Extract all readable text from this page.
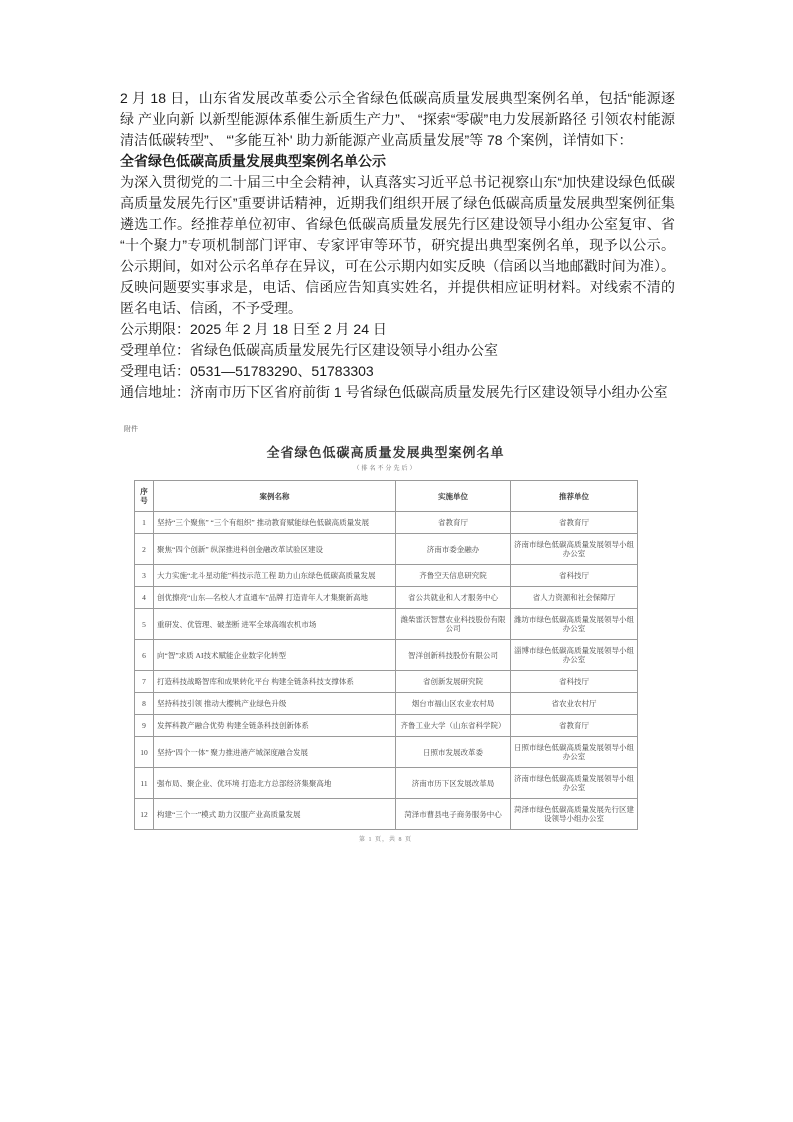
2 月 18 日，山东省发展改革委公示全省绿色低碳高质量发展典型案例名单，包括“能源逐绿 产业向新 以新型能源体系催生新质生产力”、 “探索“零碳”电力发展新路径 引领农村能源清洁低碳转型”、 “'多能互补' 助力新能源产业高质量发展”等 78 个案例，详情如下：

全省绿色低碳高质量发展典型案例名单公示

为深入贯彻党的二十届三中全会精神，认真落实习近平总书记视察山东“加快建设绿色低碳高质量发展先行区”重要讲话精神，近期我们组织开展了绿色低碳高质量发展典型案例征集遴选工作。经推荐单位初审、省绿色低碳高质量发展先行区建设领导小组办公室复审、省“十个聚力”专项机制部门评审、专家评审等环节，研究提出典型案例名单，现予以公示。公示期间，如对公示名单存在异议，可在公示期内如实反映（信函以当地邮戳时间为准）。反映问题要实事求是，电话、信函应告知真实姓名，并提供相应证明材料。对线索不清的匿名电话、信函，不予受理。

公示期限：2025 年 2 月 18 日至 2 月 24 日

受理单位：省绿色低碳高质量发展先行区建设领导小组办公室

受理电话：0531—51783290、51783303

通信地址：济南市历下区省府前街 1 号省绿色低碳高质量发展先行区建设领导小组办公室

附件

全省绿色低碳高质量发展典型案例名单

（排名不分先后）

序号	案例名称	实施单位	推荐单位
1	坚持“三个聚焦” “三个有组织” 推动教育赋能绿色低碳高质量发展	省教育厅	省教育厅
2	聚焦“四个创新” 纵深推进科创金融改革试验区建设	济南市委金融办	济南市绿色低碳高质量发展领导小组办公室
3	大力实施“北斗星动能”科技示范工程 助力山东绿色低碳高质量发展	齐鲁空天信息研究院	省科技厅
4	创优擦亮“山东—名校人才直通车”品牌 打造青年人才集聚新高地	省公共就业和人才服务中心	省人力资源和社会保障厅
5	重研发、优管理、破垄断 进军全球高端农机市场	潍柴雷沃智慧农业科技股份有限公司	潍坊市绿色低碳高质量发展领导小组办公室
6	向“智”求质 AI技术赋能企业数字化转型	智洋创新科技股份有限公司	淄博市绿色低碳高质量发展领导小组办公室
7	打造科技战略智库和成果转化平台 构建全链条科技支撑体系	省创新发展研究院	省科技厅
8	坚持科技引领 推动大樱桃产业绿色升级	烟台市福山区农业农村局	省农业农村厅
9	发挥科教产融合优势 构建全链条科技创新体系	齐鲁工业大学（山东省科学院）	省教育厅
10	坚持“四个一体” 聚力推进港产城深度融合发展	日照市发展改革委	日照市绿色低碳高质量发展领导小组办公室
11	强布局、聚企业、优环境 打造北方总部经济集聚高地	济南市历下区发展改革局	济南市绿色低碳高质量发展领导小组办公室
12	构建“三个一”模式 助力汉服产业高质量发展	菏泽市曹县电子商务服务中心	菏泽市绿色低碳高质量发展先行区建设领导小组办公室

第 1 页，共 8 页
